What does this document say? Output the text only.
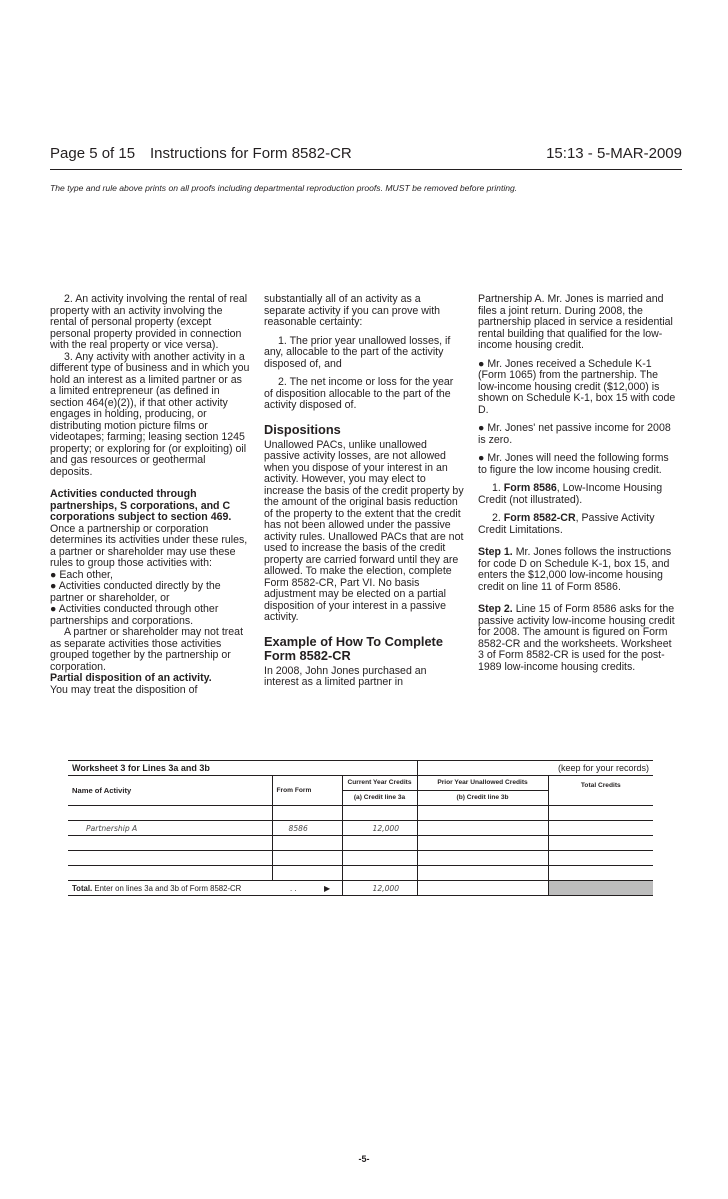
Page 5 of 15 Instructions for Form 8582-CR	15:13 - 5-MAR-2009
The type and rule above prints on all proofs including departmental reproduction proofs. MUST be removed before printing.

2. An activity involving the rental of real property with an activity involving the rental of personal property (except personal property provided in connection with the real property or vice versa).

3. Any activity with another activity in a different type of business and in which you hold an interest as a limited partner or as a limited entrepreneur (as defined in section 464(e)(2)), if that other activity engages in holding, producing, or distributing motion picture films or videotapes; farming; leasing section 1245 property; or exploring for (or exploiting) oil and gas resources or geothermal deposits.

Activities conducted through partnerships, S corporations, and C corporations subject to section 469. Once a partnership or corporation determines its activities under these rules, a partner or shareholder may use these rules to group those activities with:

● Each other,

● Activities conducted directly by the partner or shareholder, or

● Activities conducted through other partnerships and corporations.

A partner or shareholder may not treat as separate activities those activities grouped together by the partnership or corporation.

Partial disposition of an activity.
You may treat the disposition of

substantially all of an activity as a separate activity if you can prove with reasonable certainty:

1. The prior year unallowed losses, if any, allocable to the part of the activity disposed of, and

2. The net income or loss for the year of disposition allocable to the part of the activity disposed of.

Dispositions

Unallowed PACs, unlike unallowed passive activity losses, are not allowed when you dispose of your interest in an activity. However, you may elect to increase the basis of the credit property by the amount of the original basis reduction of the property to the extent that the credit has not been allowed under the passive activity rules. Unallowed PACs that are not used to increase the basis of the credit property are carried forward until they are allowed. To make the election, complete Form 8582-CR, Part VI. No basis adjustment may be elected on a partial disposition of your interest in a passive activity.

Example of How To Complete Form 8582-CR

In 2008, John Jones purchased an interest as a limited partner in

Partnership A. Mr. Jones is married and files a joint return. During 2008, the partnership placed in service a residential rental building that qualified for the low-income housing credit.

● Mr. Jones received a Schedule K-1 (Form 1065) from the partnership. The low-income housing credit ($12,000) is shown on Schedule K-1, box 15 with code D.

● Mr. Jones' net passive income for 2008 is zero.

● Mr. Jones will need the following forms to figure the low income housing credit.

1. Form 8586, Low-Income Housing Credit (not illustrated).

2. Form 8582-CR, Passive Activity Credit Limitations.

Step 1. Mr. Jones follows the instructions for code D on Schedule K-1, box 15, and enters the $12,000 low-income housing credit on line 11 of Form 8586.

Step 2. Line 15 of Form 8586 asks for the passive activity low-income housing credit for 2008. The amount is figured on Form 8582-CR and the worksheets. Worksheet 3 of Form 8582-CR is used for the post-1989 low-income housing credits.

Worksheet 3 for Lines 3a and 3b			(keep for your records)	
Name of Activity	From Form	Current Year Credits	Prior Year Unallowed Credits	Total Credits
		(a) Credit line 3a	(b) Credit line 3b	

Partnership A	8586	12,000		

Total. Enter on lines 3a and 3b of Form 8582-CR . . ▶		12,000		
-5-
